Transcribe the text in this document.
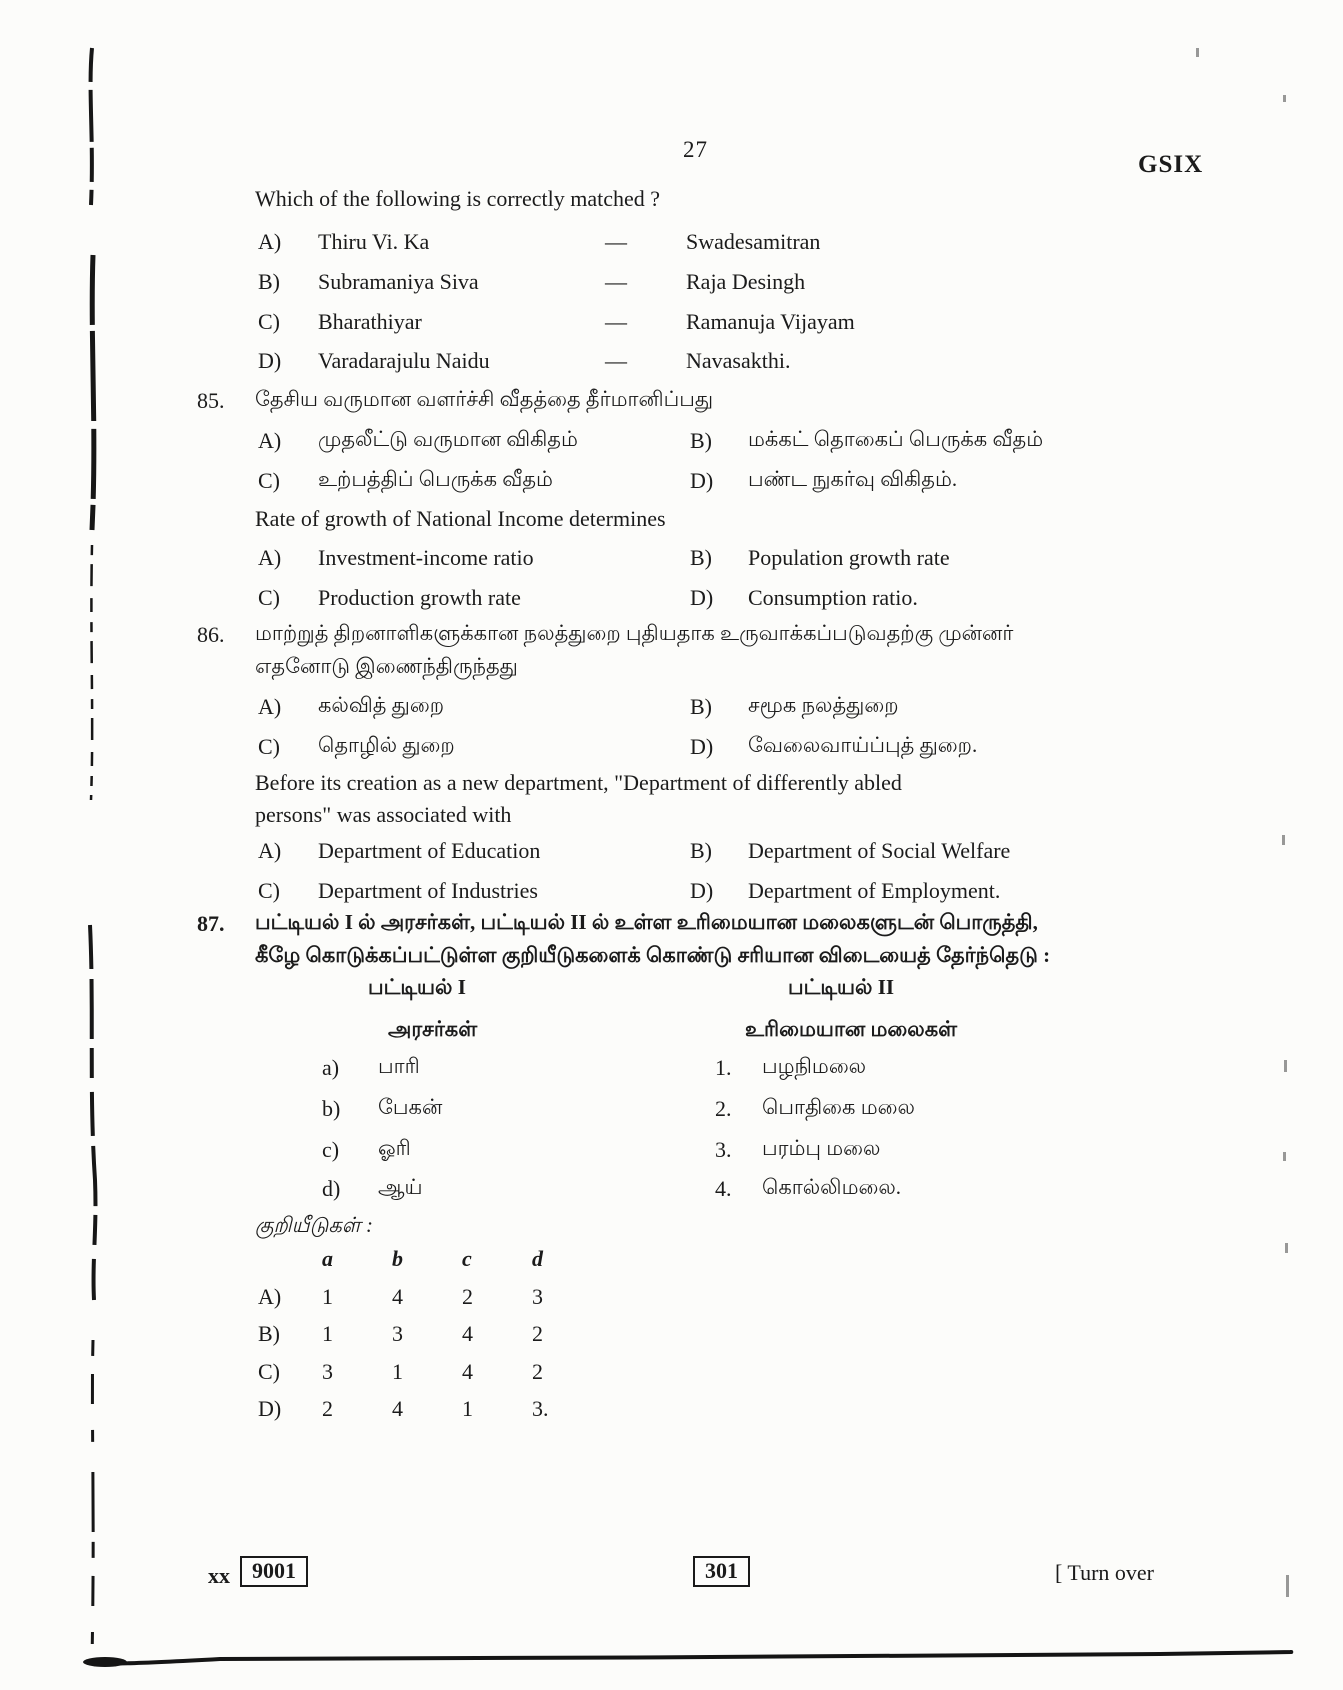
27
GSIX
Which of the following is correctly matched ?
A) Thiru Vi. Ka	—	Swadesamitran
B) Subramaniya Siva	—	Raja Desingh
C) Bharathiyar	—	Ramanuja Vijayam
D) Varadarajulu Naidu	—	Navasakthi.
85. தேசிய வருமான வளர்ச்சி வீதத்தை தீர்மானிப்பது
A) முதலீட்டு வருமான விகிதம்	B) மக்கட் தொகைப் பெருக்க வீதம்
C) உற்பத்திப் பெருக்க வீதம்	D) பண்ட நுகர்வு விகிதம்.
Rate of growth of National Income determines
A) Investment-income ratio	B) Population growth rate
C) Production growth rate	D) Consumption ratio.
86. மாற்றுத் திறனாளிகளுக்கான நலத்துறை புதியதாக உருவாக்கப்படுவதற்கு முன்னர்
எதனோடு இணைந்திருந்தது
A) கல்வித் துறை	B) சமூக நலத்துறை
C) தொழில் துறை	D) வேலைவாய்ப்புத் துறை.
Before its creation as a new department, "Department of differently abled
persons" was associated with
A) Department of Education	B) Department of Social Welfare
C) Department of Industries	D) Department of Employment.
87. பட்டியல் I ல் அரசர்கள், பட்டியல் II ல் உள்ள உரிமையான மலைகளுடன் பொருத்தி,
கீழே கொடுக்கப்பட்டுள்ள குறியீடுகளைக் கொண்டு சரியான விடையைத் தேர்ந்தெடு :
பட்டியல் I	பட்டியல் II
அரசர்கள்	உரிமையான மலைகள்
a) பாரி	1. பழநிமலை
b) பேகன்	2. பொதிகை மலை
c) ஓரி	3. பரம்பு மலை
d) ஆய்	4. கொல்லிமலை.
குறியீடுகள் :
a	b	c	d
A) 1	4	2	3
B) 1	3	4	2
C) 3	1	4	2
D) 2	4	1	3.
xx	9001	301	[ Turn over
